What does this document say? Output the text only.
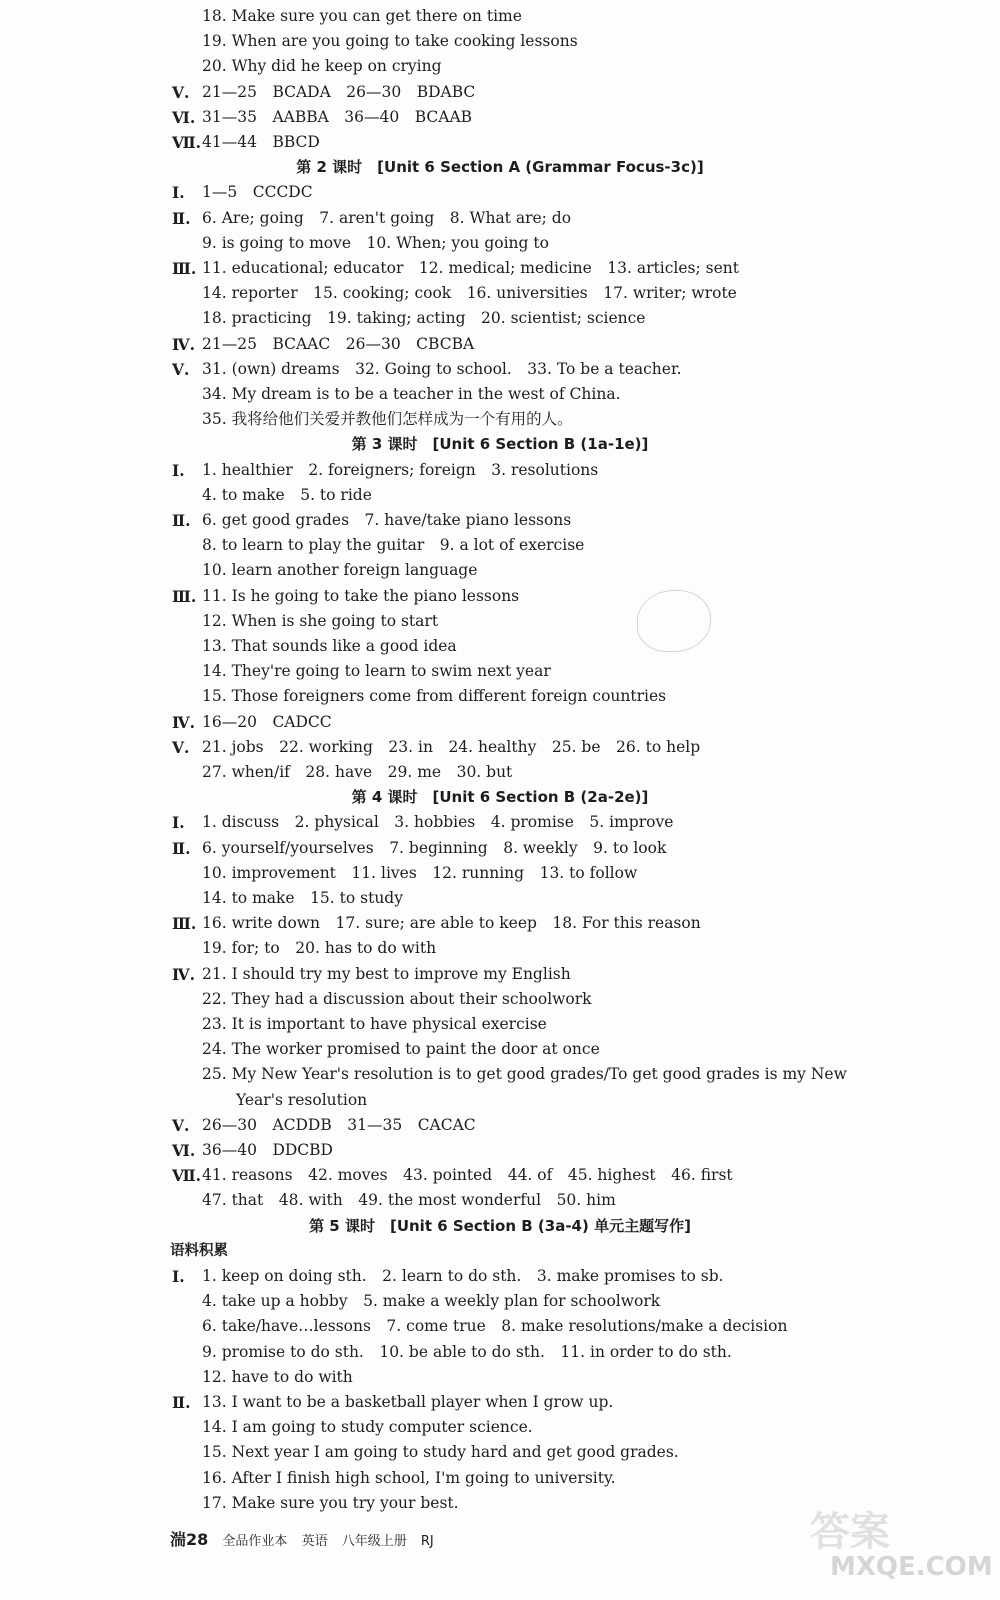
18. Make sure you can get there on time
19. When are you going to take cooking lessons
20. Why did he keep on crying
Ⅴ. 21—25　BCADA　26—30　BDABC
Ⅵ. 31—35　AABBA　36—40　BCAAB
Ⅶ. 41—44　BBCD
第 2 课时　[Unit 6 Section A (Grammar Focus-3c)]
Ⅰ. 1—5　CCCDC
Ⅱ. 6. Are; going　7. aren't going　8. What are; do
9. is going to move　10. When; you going to
Ⅲ. 11. educational; educator　12. medical; medicine　13. articles; sent
14. reporter　15. cooking; cook　16. universities　17. writer; wrote
18. practicing　19. taking; acting　20. scientist; science
Ⅳ. 21—25　BCAAC　26—30　CBCBA
Ⅴ. 31. (own) dreams　32. Going to school.　33. To be a teacher.
34. My dream is to be a teacher in the west of China.
35. 我将给他们关爱并教他们怎样成为一个有用的人。
第 3 课时　[Unit 6 Section B (1a-1e)]
Ⅰ. 1. healthier　2. foreigners; foreign　3. resolutions
4. to make　5. to ride
Ⅱ. 6. get good grades　7. have/take piano lessons
8. to learn to play the guitar　9. a lot of exercise
10. learn another foreign language
Ⅲ. 11. Is he going to take the piano lessons
12. When is she going to start
13. That sounds like a good idea
14. They're going to learn to swim next year
15. Those foreigners come from different foreign countries
Ⅳ. 16—20　CADCC
Ⅴ. 21. jobs　22. working　23. in　24. healthy　25. be　26. to help
27. when/if　28. have　29. me　30. but
第 4 课时　[Unit 6 Section B (2a-2e)]
Ⅰ. 1. discuss　2. physical　3. hobbies　4. promise　5. improve
Ⅱ. 6. yourself/yourselves　7. beginning　8. weekly　9. to look
10. improvement　11. lives　12. running　13. to follow
14. to make　15. to study
Ⅲ. 16. write down　17. sure; are able to keep　18. For this reason
19. for; to　20. has to do with
Ⅳ. 21. I should try my best to improve my English
22. They had a discussion about their schoolwork
23. It is important to have physical exercise
24. The worker promised to paint the door at once
25. My New Year's resolution is to get good grades/To get good grades is my New
Year's resolution
Ⅴ. 26—30　ACDDB　31—35　CACAC
Ⅵ. 36—40　DDCBD
Ⅶ. 41. reasons　42. moves　43. pointed　44. of　45. highest　46. first
47. that　48. with　49. the most wonderful　50. him
第 5 课时　[Unit 6 Section B (3a-4) 单元主题写作]
语料积累
Ⅰ. 1. keep on doing sth.　2. learn to do sth.　3. make promises to sb.
4. take up a hobby　5. make a weekly plan for schoolwork
6. take/have…lessons　7. come true　8. make resolutions/make a decision
9. promise to do sth.　10. be able to do sth.　11. in order to do sth.
12. have to do with
Ⅱ. 13. I want to be a basketball player when I grow up.
14. I am going to study computer science.
15. Next year I am going to study hard and get good grades.
16. After I finish high school, I'm going to university.
17. Make sure you try your best.
答案
MXQE.COM
湍28 全品作业本 英语 八年级上册 RJ
